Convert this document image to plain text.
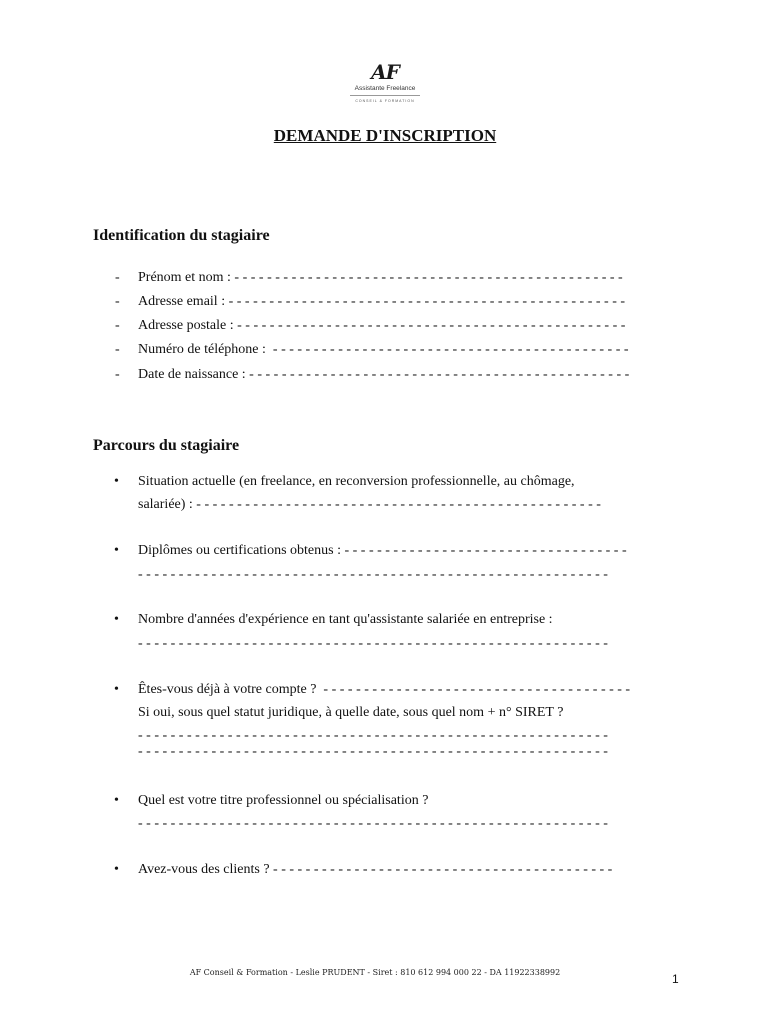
AF
Assistante Freelance
CONSEIL & FORMATION
DEMANDE D'INSCRIPTION
Identification du stagiaire
- Prénom et nom : - - - - - - - - - - - - - - - - - - - - - - - - - - - - - - - - - - - - - - - - - - - - - - - -

- Adresse email : - - - - - - - - - - - - - - - - - - - - - - - - - - - - - - - - - - - - - - - - - - - - - - - - -

- Adresse postale : - - - - - - - - - - - - - - - - - - - - - - - - - - - - - - - - - - - - - - - - - - - - - - - -

- Numéro de téléphone :  - - - - - - - - - - - - - - - - - - - - - - - - - - - - - - - - - - - - - - - - - - - -

- Date de naissance : - - - - - - - - - - - - - - - - - - - - - - - - - - - - - - - - - - - - - - - - - - - - - - -

Parcours du stagiaire
• Situation actuelle (en freelance, en reconversion professionnelle, au chômage,

salariée) : - - - - - - - - - - - - - - - - - - - - - - - - - - - - - - - - - - - - - - - - - - - - - - - - - -

• Diplômes ou certifications obtenus : - - - - - - - - - - - - - - - - - - - - - - - - - - - - - - - - - - -

- - - - - - - - - - - - - - - - - - - - - - - - - - - - - - - - - - - - - - - - - - - - - - - - - - - - - - - - - -

• Nombre d'années d'expérience en tant qu'assistante salariée en entreprise :

- - - - - - - - - - - - - - - - - - - - - - - - - - - - - - - - - - - - - - - - - - - - - - - - - - - - - - - - - -

• Êtes-vous déjà à votre compte ?  - - - - - - - - - - - - - - - - - - - - - - - - - - - - - - - - - - - - - -

Si oui, sous quel statut juridique, à quelle date, sous quel nom + n° SIRET ?

- - - - - - - - - - - - - - - - - - - - - - - - - - - - - - - - - - - - - - - - - - - - - - - - - - - - - - - - - -

- - - - - - - - - - - - - - - - - - - - - - - - - - - - - - - - - - - - - - - - - - - - - - - - - - - - - - - - - -

• Quel est votre titre professionnel ou spécialisation ?

- - - - - - - - - - - - - - - - - - - - - - - - - - - - - - - - - - - - - - - - - - - - - - - - - - - - - - - - - -

• Avez-vous des clients ? - - - - - - - - - - - - - - - - - - - - - - - - - - - - - - - - - - - - - - - - - -

AF Conseil & Formation - Leslie PRUDENT - Siret : 810 612 994 000 22 - DA 11922338992	1
